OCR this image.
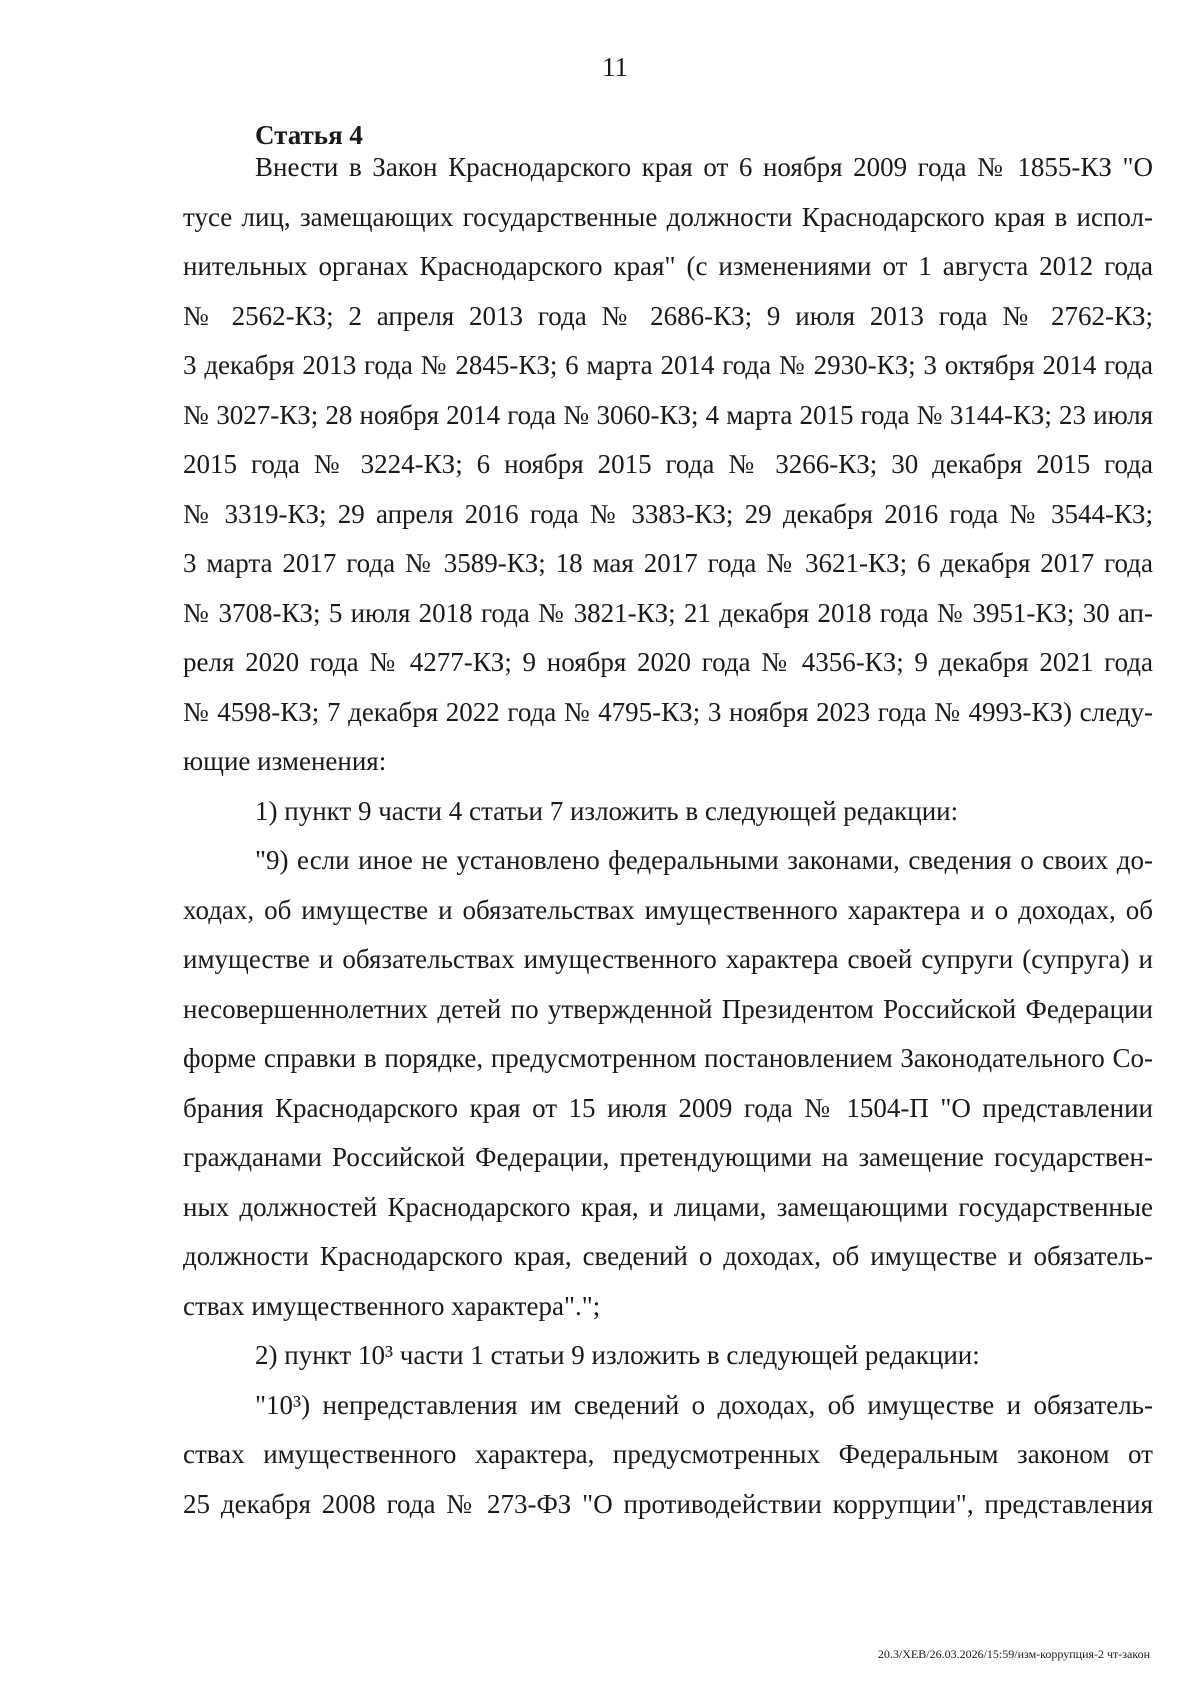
11
Статья 4
Внести в Закон Краснодарского края от 6 ноября 2009 года № 1855-КЗ "О
тусе лиц, замещающих государственные должности Краснодарского края в испол-
нительных органах Краснодарского края" (с изменениями от 1 августа 2012 года
№ 2562-КЗ; 2 апреля 2013 года № 2686-КЗ; 9 июля 2013 года № 2762-КЗ;
3 декабря 2013 года № 2845-КЗ; 6 марта 2014 года № 2930-КЗ; 3 октября 2014 года
№ 3027-КЗ; 28 ноября 2014 года № 3060-КЗ; 4 марта 2015 года № 3144-КЗ; 23 июля
2015 года № 3224-КЗ; 6 ноября 2015 года № 3266-КЗ; 30 декабря 2015 года
№ 3319-КЗ; 29 апреля 2016 года № 3383-КЗ; 29 декабря 2016 года № 3544-КЗ;
3 марта 2017 года № 3589-КЗ; 18 мая 2017 года № 3621-КЗ; 6 декабря 2017 года
№ 3708-КЗ; 5 июля 2018 года № 3821-КЗ; 21 декабря 2018 года № 3951-КЗ; 30 ап-
реля 2020 года № 4277-КЗ; 9 ноября 2020 года № 4356-КЗ; 9 декабря 2021 года
№ 4598-КЗ; 7 декабря 2022 года № 4795-КЗ; 3 ноября 2023 года № 4993-КЗ) следу-
ющие изменения:
1) пункт 9 части 4 статьи 7 изложить в следующей редакции:
"9) если иное не установлено федеральными законами, сведения о своих до-
ходах, об имуществе и обязательствах имущественного характера и о доходах, об
имуществе и обязательствах имущественного характера своей супруги (супруга) и
несовершеннолетних детей по утвержденной Президентом Российской Федерации
форме справки в порядке, предусмотренном постановлением Законодательного Со-
брания Краснодарского края от 15 июля 2009 года № 1504-П "О представлении
гражданами Российской Федерации, претендующими на замещение государствен-
ных должностей Краснодарского края, и лицами, замещающими государственные
должности Краснодарского края, сведений о доходах, об имуществе и обязатель-
ствах имущественного характера".";
2) пункт 10³ части 1 статьи 9 изложить в следующей редакции:
"10³) непредставления им сведений о доходах, об имуществе и обязатель-
ствах имущественного характера, предусмотренных Федеральным законом от
25 декабря 2008 года № 273-ФЗ "О противодействии коррупции", представления
20.3/ХЕВ/26.03.2026/15:59/изм-коррупция-2 чт-закон
